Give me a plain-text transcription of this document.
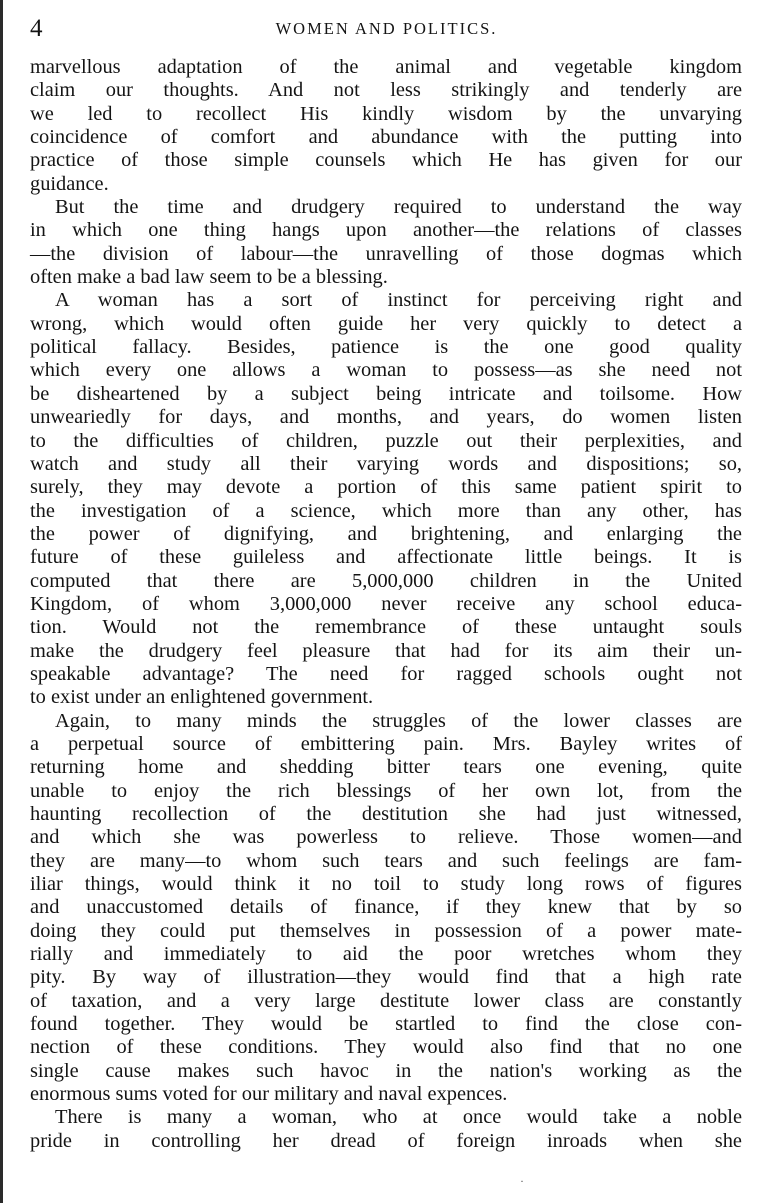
4	WOMEN AND POLITICS.
marvellous adaptation of the animal and vegetable kingdom
claim our thoughts. And not less strikingly and tenderly are
we led to recollect His kindly wisdom by the unvarying
coincidence of comfort and abundance with the putting into
practice of those simple counsels which He has given for our
guidance.
But the time and drudgery required to understand the way
in which one thing hangs upon another—the relations of classes
—the division of labour—the unravelling of those dogmas which
often make a bad law seem to be a blessing.
A woman has a sort of instinct for perceiving right and
wrong, which would often guide her very quickly to detect a
political fallacy. Besides, patience is the one good quality
which every one allows a woman to possess—as she need not
be disheartened by a subject being intricate and toilsome. How
unweariedly for days, and months, and years, do women listen
to the difficulties of children, puzzle out their perplexities, and
watch and study all their varying words and dispositions; so,
surely, they may devote a portion of this same patient spirit to
the investigation of a science, which more than any other, has
the power of dignifying, and brightening, and enlarging the
future of these guileless and affectionate little beings. It is
computed that there are 5,000,000 children in the United
Kingdom, of whom 3,000,000 never receive any school educa-
tion. Would not the remembrance of these untaught souls
make the drudgery feel pleasure that had for its aim their un-
speakable advantage? The need for ragged schools ought not
to exist under an enlightened government.
Again, to many minds the struggles of the lower classes are
a perpetual source of embittering pain. Mrs. Bayley writes of
returning home and shedding bitter tears one evening, quite
unable to enjoy the rich blessings of her own lot, from the
haunting recollection of the destitution she had just witnessed,
and which she was powerless to relieve. Those women—and
they are many—to whom such tears and such feelings are fam-
iliar things, would think it no toil to study long rows of figures
and unaccustomed details of finance, if they knew that by so
doing they could put themselves in possession of a power mate-
rially and immediately to aid the poor wretches whom they
pity. By way of illustration—they would find that a high rate
of taxation, and a very large destitute lower class are constantly
found together. They would be startled to find the close con-
nection of these conditions. They would also find that no one
single cause makes such havoc in the nation's working as the
enormous sums voted for our military and naval expences.
There is many a woman, who at once would take a noble
pride in controlling her dread of foreign inroads when she
·
